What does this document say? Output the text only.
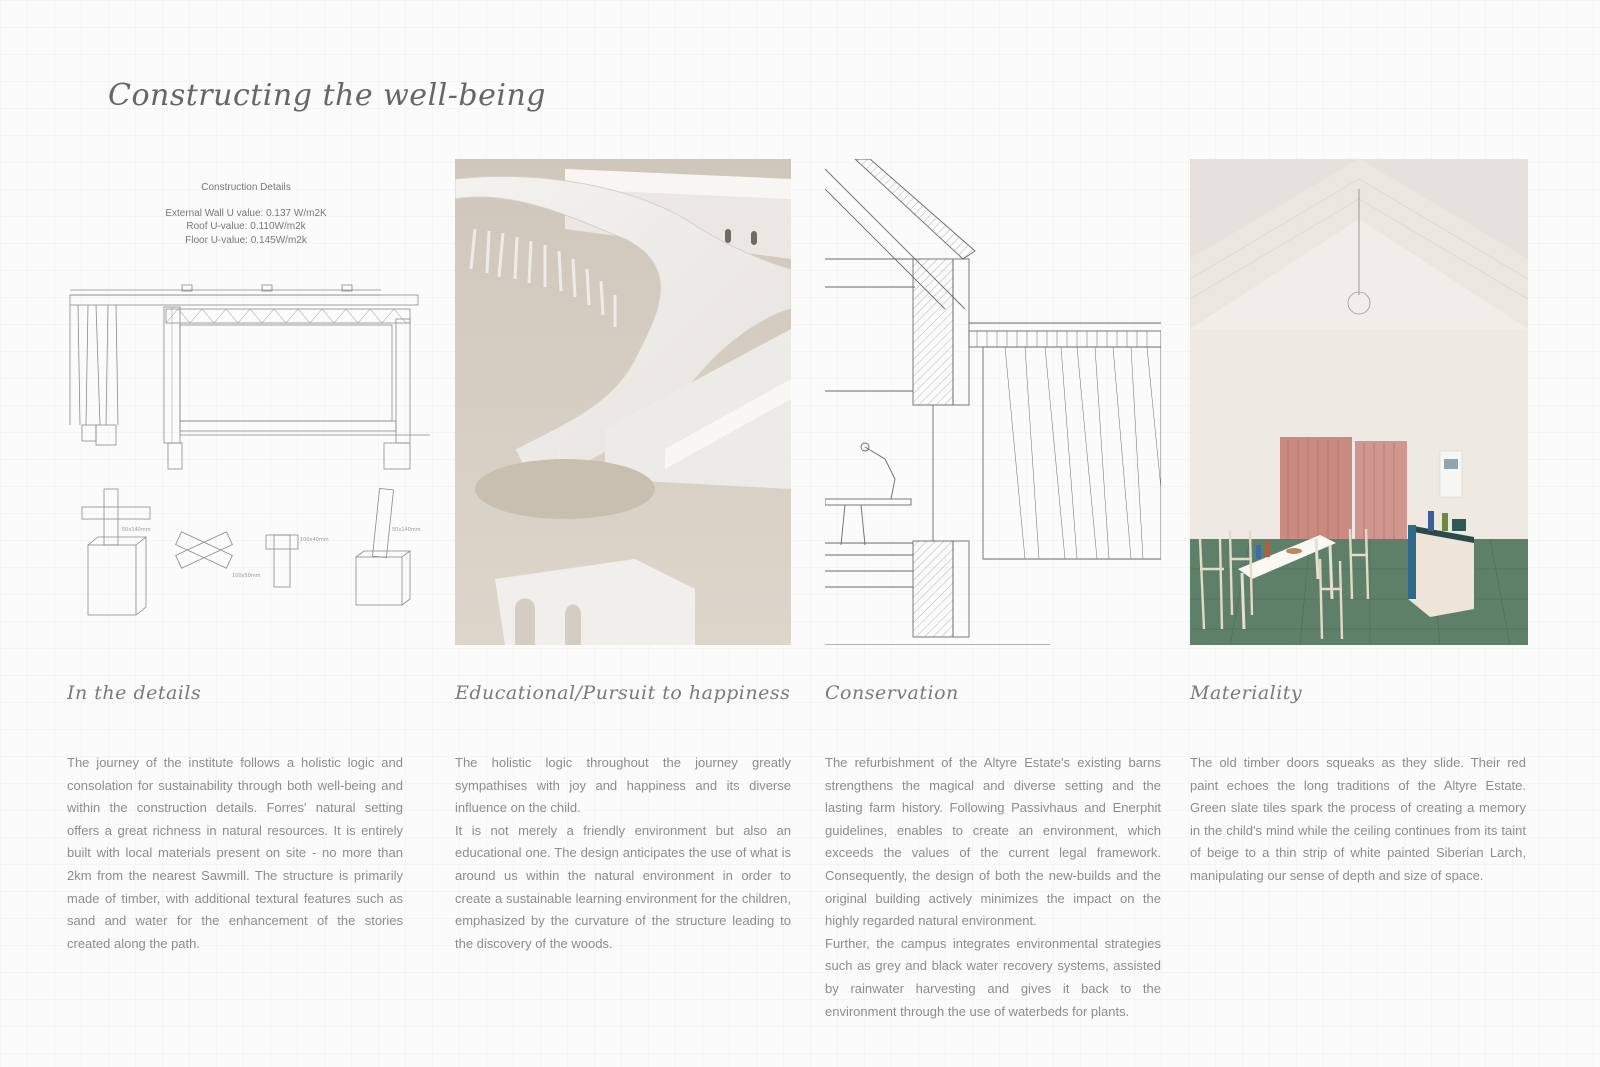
Constructing the well-being
Construction Details
External Wall U value: 0.137 W/m2K
Roof U-value: 0.110W/m2k
Floor U-value: 0.145W/m2k
50x140mm
100x50mm
100x40mm
50x140mm
In the details	Educational/Pursuit to happiness Conservation	Materiality

The journey of the institute follows a holistic logic and consolation for sustainability through both well-being and within the construction details. Forres' natural setting offers a great richness in natural resources. It is entirely built with local materials present on site - no more than 2km from the nearest Sawmill. The structure is primarily made of timber, with additional textural features such as sand and water for the enhancement of the stories created along the path.

The holistic logic throughout the journey greatly sympathises with joy and happiness and its diverse influence on the child.

It is not merely a friendly environment but also an educational one. The design anticipates the use of what is around us within the natural environment in order to create a sustainable learning environment for the children, emphasized by the curvature of the structure leading to the discovery of the woods.

The refurbishment of the Altyre Estate's existing barns strengthens the magical and diverse setting and the lasting farm history. Following Passivhaus and Enerphit guidelines, enables to create an environment, which exceeds the values of the current legal framework. Consequently, the design of both the new-builds and the original building actively minimizes the impact on the highly regarded natural environment.

Further, the campus integrates environmental strategies such as grey and black water recovery systems, assisted by rainwater harvesting and gives it back to the environment through the use of waterbeds for plants.

The old timber doors squeaks as they slide. Their red paint echoes the long traditions of the Altyre Estate. Green slate tiles spark the process of creating a memory in the child's mind while the ceiling continues from its taint of beige to a thin strip of white painted Siberian Larch, manipulating our sense of depth and size of space.
